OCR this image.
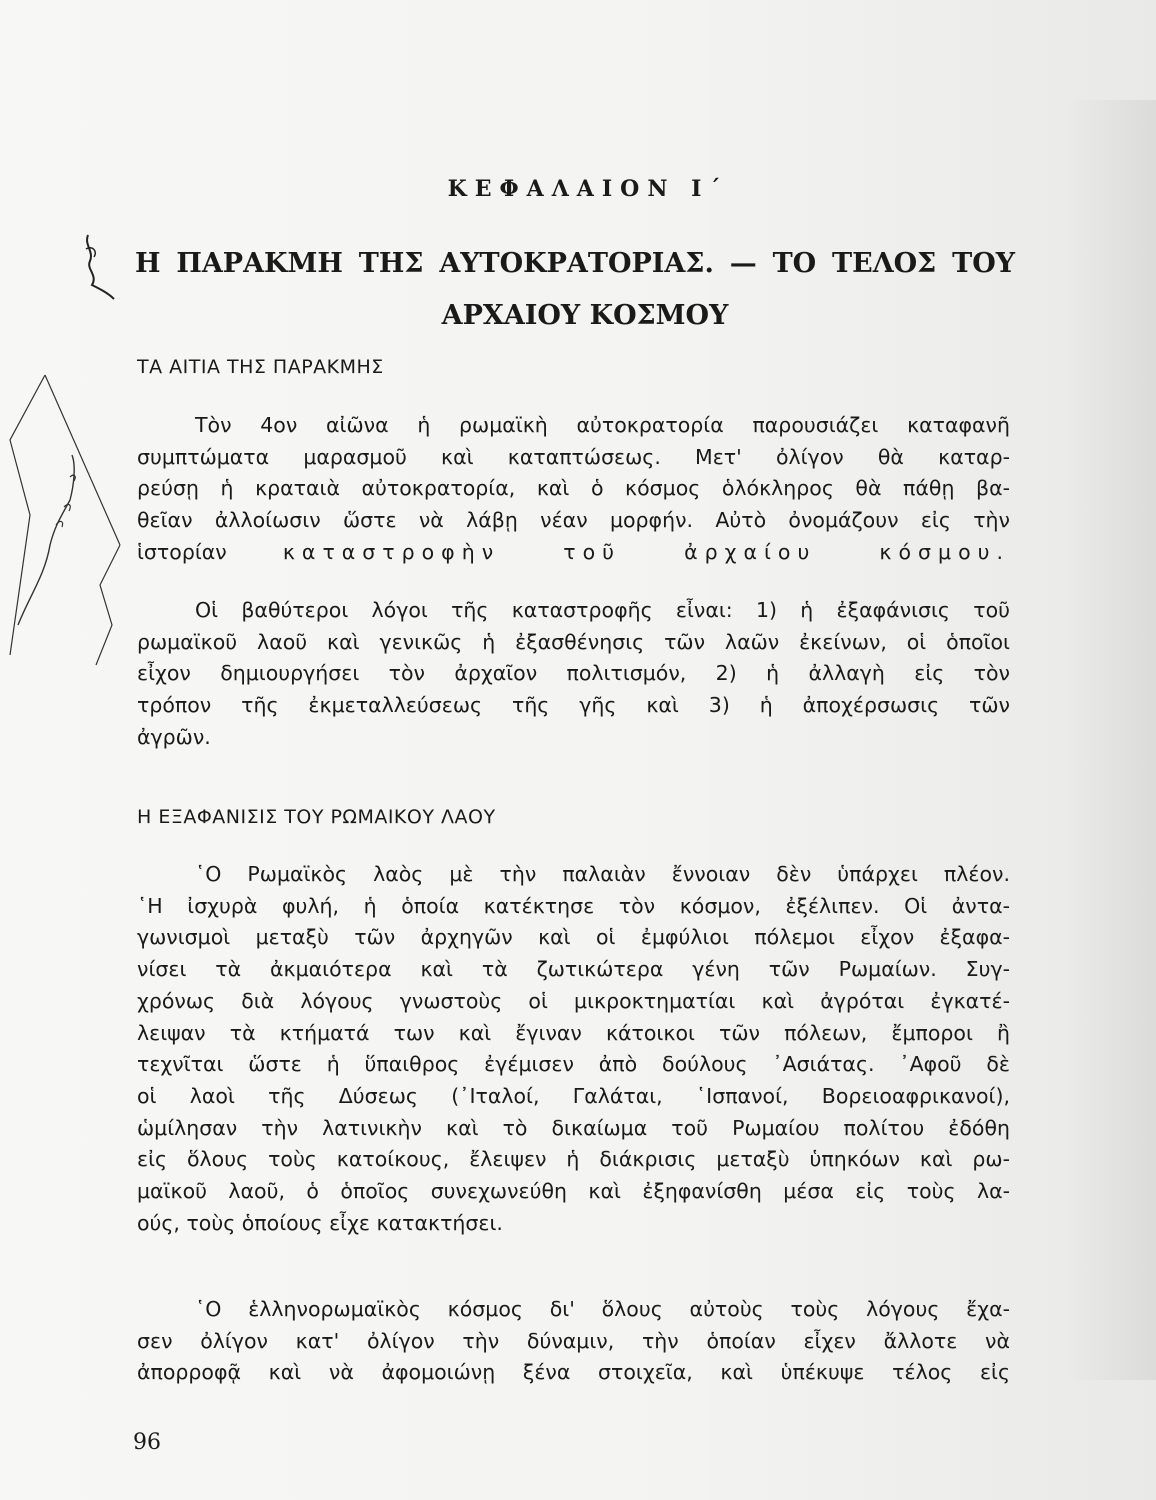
ΚΕΦΑΛΑΙΟΝ Ι΄
Η ΠΑΡΑΚΜΗ ΤΗΣ ΑΥΤΟΚΡΑΤΟΡΙΑΣ. — ΤΟ ΤΕΛΟΣ ΤΟΥ
ΑΡΧΑΙΟΥ ΚΟΣΜΟΥ
ΤΑ ΑΙΤΙΑ ΤΗΣ ΠΑΡΑΚΜΗΣ

Τὸν 4ον αἰῶνα ἡ ρωμαϊκὴ αὐτοκρατορία παρουσιάζει καταφανῆ
συμπτώματα μαρασμοῦ καὶ καταπτώσεως. Μετ' ὀλίγον θὰ καταρ-
ρεύσῃ ἡ κραταιὰ αὐτοκρατορία, καὶ ὁ κόσμος ὁλόκληρος θὰ πάθῃ βα-
θεῖαν ἀλλοίωσιν ὥστε νὰ λάβῃ νέαν μορφήν. Αὐτὸ ὀνομάζουν εἰς τὴν
ἱστορίαν	καταστροφὴν τοῦ ἀρχαίου κόσμου.

Οἱ βαθύτεροι λόγοι τῆς καταστροφῆς εἶναι: 1) ἡ ἐξαφάνισις τοῦ
ρωμαϊκοῦ λαοῦ καὶ γενικῶς ἡ ἐξασθένησις τῶν λαῶν ἐκείνων, οἱ ὁποῖοι
εἶχον δημιουργήσει τὸν ἀρχαῖον πολιτισμόν, 2) ἡ ἀλλαγὴ εἰς τὸν
τρόπον τῆς ἐκμεταλλεύσεως τῆς γῆς καὶ 3) ἡ ἀποχέρσωσις τῶν
ἀγρῶν.

Η ΕΞΑΦΑΝΙΣΙΣ ΤΟΥ ΡΩΜΑΙΚΟΥ ΛΑΟΥ

῾Ο Ρωμαϊκὸς λαὸς μὲ τὴν παλαιὰν ἔννοιαν δὲν ὑπάρχει πλέον.
῾Η ἰσχυρὰ φυλή, ἡ ὁποία κατέκτησε τὸν κόσμον, ἐξέλιπεν. Οἱ ἀντα-
γωνισμοὶ μεταξὺ τῶν ἀρχηγῶν καὶ οἱ ἐμφύλιοι πόλεμοι εἶχον ἐξαφα-
νίσει τὰ ἀκμαιότερα καὶ τὰ ζωτικώτερα γένη τῶν Ρωμαίων. Συγ-
χρόνως διὰ λόγους γνωστοὺς οἱ μικροκτηματίαι καὶ ἀγρόται ἐγκατέ-
λειψαν τὰ κτήματά των καὶ ἔγιναν κάτοικοι τῶν πόλεων, ἔμποροι ἢ
τεχνῖται ὥστε ἡ ὕπαιθρος ἐγέμισεν ἀπὸ δούλους ᾿Ασιάτας. ᾿Αφοῦ δὲ
οἱ λαοὶ τῆς Δύσεως (᾿Ιταλοί, Γαλάται, ῾Ισπανοί, Βορειοαφρικανοί),
ὡμίλησαν τὴν λατινικὴν καὶ τὸ δικαίωμα τοῦ Ρωμαίου πολίτου ἐδόθη
εἰς ὅλους τοὺς κατοίκους, ἔλειψεν ἡ διάκρισις μεταξὺ ὑπηκόων καὶ ρω-
μαϊκοῦ λαοῦ, ὁ ὁποῖος συνεχωνεύθη καὶ ἐξηφανίσθη μέσα εἰς τοὺς λα-
ούς, τοὺς ὁποίους εἶχε κατακτήσει.

῾Ο ἑλληνορωμαϊκὸς κόσμος δι' ὅλους αὐτοὺς τοὺς λόγους ἔχα-
σεν ὀλίγον κατ' ὀλίγον τὴν δύναμιν, τὴν ὁποίαν εἶχεν ἄλλοτε νὰ
ἀπορροφᾷ καὶ νὰ ἀφομοιώνῃ ξένα στοιχεῖα, καὶ ὑπέκυψε τέλος εἰς

96
